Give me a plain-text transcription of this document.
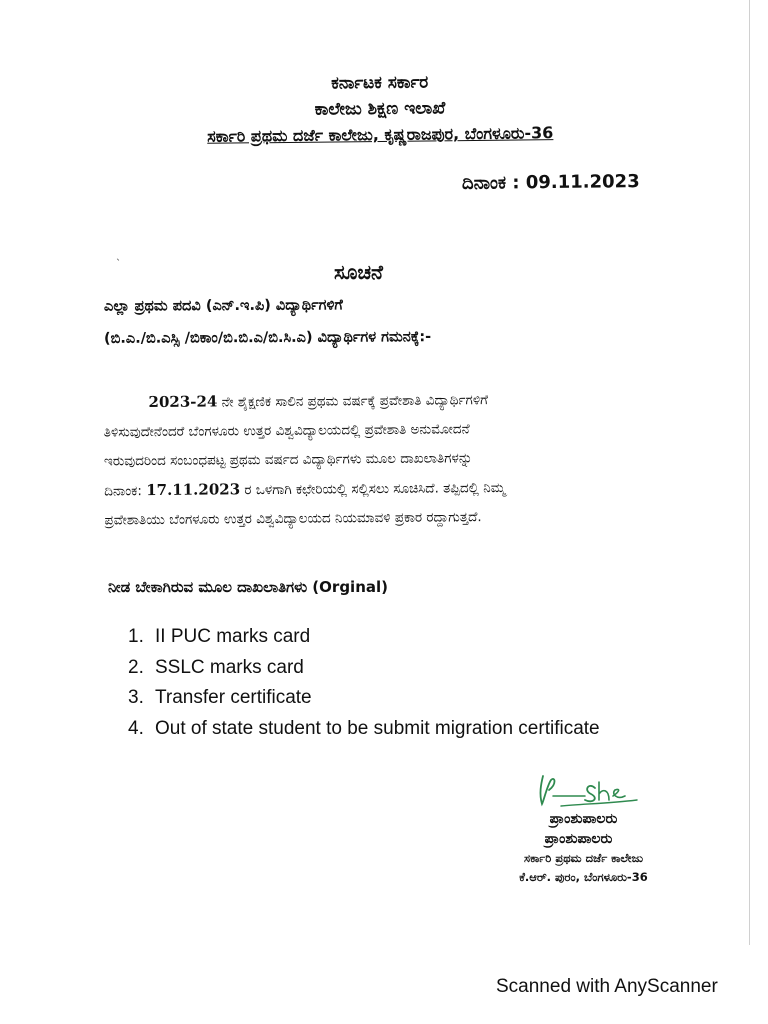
ಕರ್ನಾಟಕ ಸರ್ಕಾರ
ಕಾಲೇಜು ಶಿಕ್ಷಣ ಇಲಾಖೆ
ಸರ್ಕಾರಿ ಪ್ರಥಮ ದರ್ಜೆ ಕಾಲೇಜು, ಕೃಷ್ಣರಾಜಪುರ, ಬೆಂಗಳೂರು-36
ದಿನಾಂಕ : 09.11.2023
ˎ
ಸೂಚನೆ
ಎಲ್ಲಾ ಪ್ರಥಮ ಪದವಿ (ಎನ್.ಇ.ಪಿ) ವಿದ್ಯಾರ್ಥಿಗಳಿಗೆ
(ಬಿ.ಎ./ಬಿ.ಎಸ್ಸಿ /ಬಿಕಾಂ/ಬಿ.ಬಿ.ಎ/ಬಿ.ಸಿ.ಎ) ವಿದ್ಯಾರ್ಥಿಗಳ ಗಮನಕ್ಕೆ:-
2023-24 ನೇ ಶೈಕ್ಷಣಿಕ ಸಾಲಿನ ಪ್ರಥಮ ವರ್ಷಕ್ಕೆ ಪ್ರವೇಶಾತಿ ವಿದ್ಯಾರ್ಥಿಗಳಿಗೆ
ತಿಳಿಸುವುದೇನೆಂದರೆ ಬೆಂಗಳೂರು ಉತ್ತರ ವಿಶ್ವವಿದ್ಯಾಲಯದಲ್ಲಿ ಪ್ರವೇಶಾತಿ ಅನುಮೋದನೆ
ಇರುವುದರಿಂದ ಸಂಬಂಧಪಟ್ಟ ಪ್ರಥಮ ವರ್ಷದ ವಿದ್ಯಾರ್ಥಿಗಳು ಮೂಲ ದಾಖಲಾತಿಗಳನ್ನು
ದಿನಾಂಕ: 17.11.2023 ರ ಒಳಗಾಗಿ ಕಛೇರಿಯಲ್ಲಿ ಸಲ್ಲಿಸಲು ಸೂಚಿಸಿದೆ. ತಪ್ಪಿದಲ್ಲಿ ನಿಮ್ಮ
ಪ್ರವೇಶಾತಿಯು ಬೆಂಗಳೂರು ಉತ್ತರ ವಿಶ್ವವಿದ್ಯಾಲಯದ ನಿಯಮಾವಳಿ ಪ್ರಕಾರ ರದ್ದಾಗುತ್ತದೆ.
ನೀಡ ಬೇಕಾಗಿರುವ ಮೂಲ ದಾಖಲಾತಿಗಳು (Orginal)
1. II PUC marks card
2. SSLC marks card
3. Transfer certificate
4. Out of state student to be submit migration certificate
ಪ್ರಾಂಶುಪಾಲರು
ಪ್ರಾಂಶುಪಾಲರು
ಸರ್ಕಾರಿ ಪ್ರಥಮ ದರ್ಜೆ ಕಾಲೇಜು
ಕೆ.ಆರ್. ಪುರಂ, ಬೆಂಗಳೂರು-36
Scanned with AnyScanner
